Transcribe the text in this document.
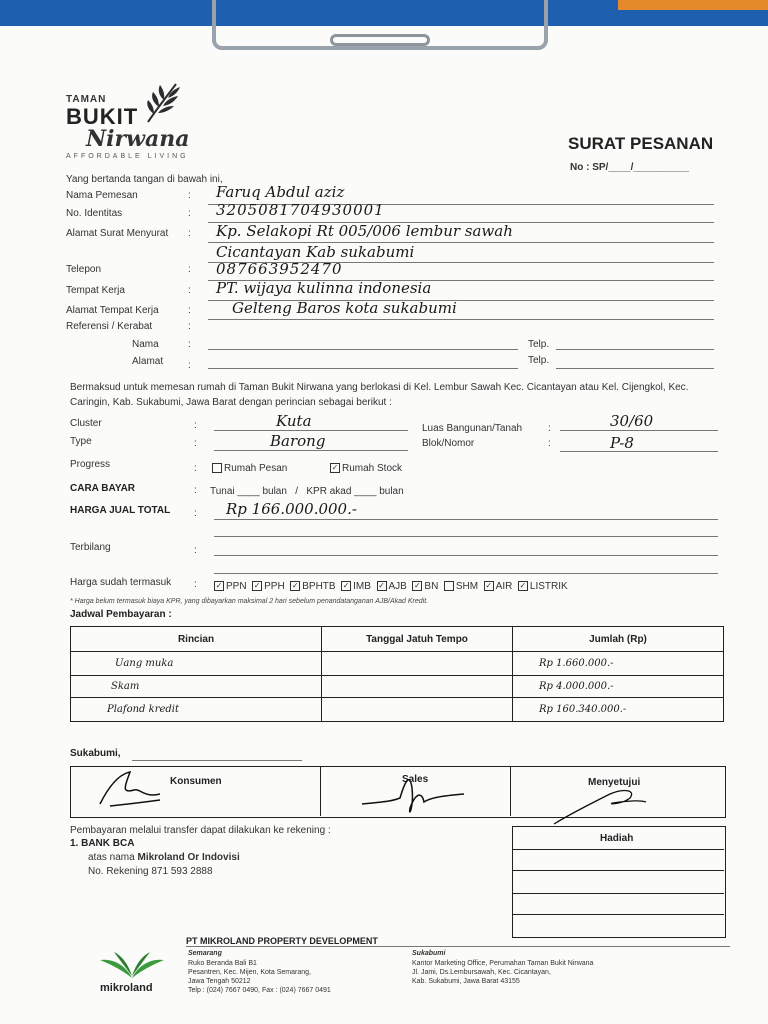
TAMAN
BUKIT
Nirwana
AFFORDABLE LIVING
SURAT PESANAN
No : SP/____/__________
Yang bertanda tangan di bawah ini,
Nama Pemesan	: Faruq Abdul aziz
No. Identitas	: 3205081704930001
Alamat Surat Menyurat : Kp. Selakopi Rt 005/006 lembur sawah
Cicantayan Kab sukabumi
Telepon	: 087663952470
Tempat Kerja	: PT. wijaya kulinna indonesia
Alamat Tempat Kerja	:	Gelteng Baros kota sukabumi
Referensi / Kerabat	:
Nama	:	Telp.
Alamat :	Telp.
Bermaksud untuk memesan rumah di Taman Bukit Nirwana yang berlokasi di Kel. Lembur Sawah Kec. Cicantayan atau Kel. Cijengkol, Kec. Caringin, Kab. Sukabumi, Jawa Barat dengan perincian sebagai berikut :
Cluster	:	Kuta	Luas Bangunan/Tanah	:	30/60
Type	:	Barong	Blok/Nomor	:	P-8
Progress	:	Rumah Pesan	✓ Rumah Stock
CARA BAYAR	: Tunai ____ bulan   /   KPR akad ____ bulan
HARGA JUAL TOTAL : Rp 166.000.000.-
Terbilang	:
Harga sudah termasuk : ✓ PPN ✓ PPH ✓ BPHTB ✓ IMB ✓ AJB ✓ BN SHM ✓ AIR ✓ LISTRIK
* Harga belum termasuk biaya KPR, yang dibayarkan maksimal 2 hari sebelum penandatanganan AJB/Akad Kredit.
Jadwal Pembayaran :
Rincian	Tanggal Jatuh Tempo	Jumlah (Rp)
Uang muka		Rp 1.660.000.-
Skam		Rp 4.000.000.-
Plafond kredit		Rp 160.340.000.-
Sukabumi,
Konsumen	Sales	Menyetujui
Pembayaran melalui transfer dapat dilakukan ke rekening :
1. BANK BCA
atas nama Mikroland Or Indovisi
No. Rekening 871 593 2888
Hadiah
PT MIKROLAND PROPERTY DEVELOPMENT
mikroland
Semarang
Ruko Beranda Bali B1
Pesantren, Kec. Mijen, Kota Semarang,
Jawa Tengah 50212
Telp : (024) 7667 0490, Fax : (024) 7667 0491
Sukabumi
Kantor Marketing Office, Perumahan Taman Bukit Nirwana
Jl. Jami, Ds.Lembursawah, Kec. Cicantayan,
Kab. Sukabumi, Jawa Barat 43155
